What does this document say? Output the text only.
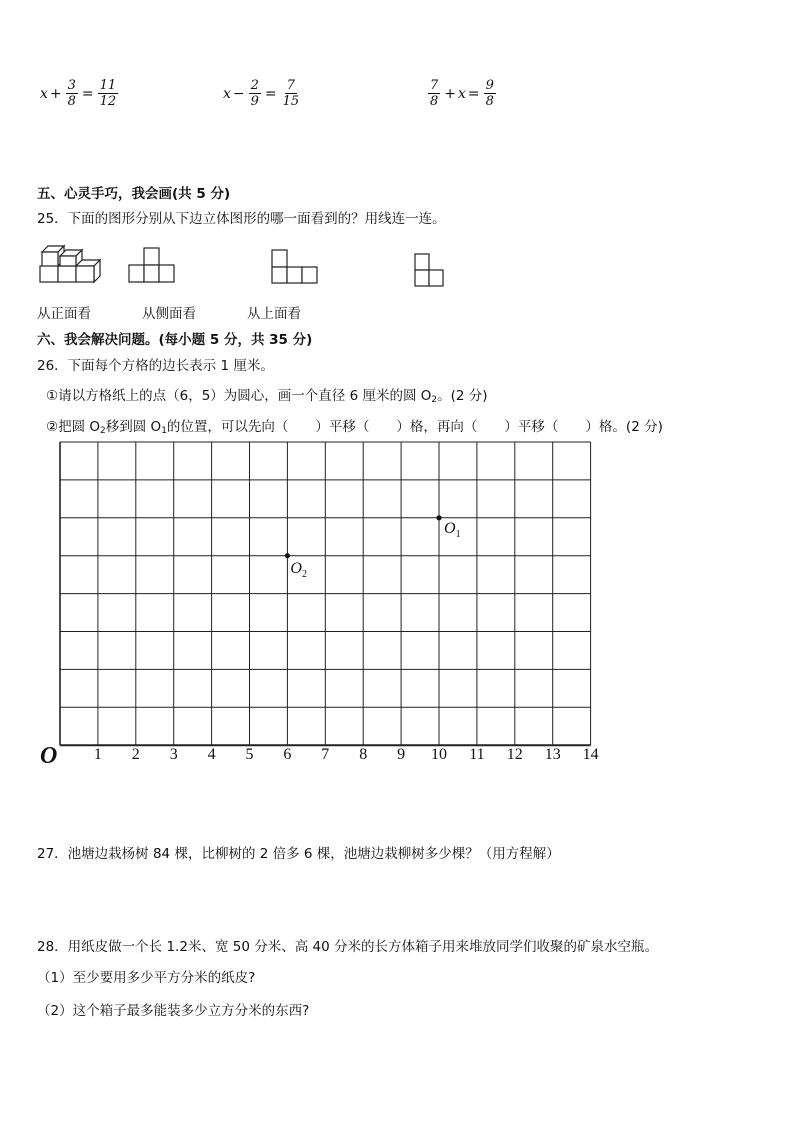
$x + \frac{3}{8} = \frac{11}{12}$	$x - \frac{2}{9} = \frac{7}{15}$	$\frac{7}{8} + x = \frac{9}{8}$
五、心灵手巧，我会画(共 5 分)
25．下面的图形分别从下边立体图形的哪一面看到的？用线连一连。
从正面看	从侧面看	从上面看
六、我会解决问题。(每小题 5 分，共 35 分)
26．下面每个方格的边长表示 1 厘米。
①请以方格纸上的点（6，5）为圆心，画一个直径 6 厘米的圆 $O_2$。(2 分)
②把圆 $O_2$移到圆 $O_1$的位置，可以先向（　　）平移（　　）格，再向（　　）平移（　　）格。(2 分)
O 1 2 3 4 5 6 7 8 9 10 11 12 13 14
$O_1$
$O_2$
27．池塘边栽杨树 84 棵，比柳树的 2 倍多 6 棵，池塘边栽柳树多少棵？（用方程解）
28．用纸皮做一个长 1.2米、宽 50 分米、高 40 分米的长方体箱子用来堆放同学们收聚的矿泉水空瓶。
（1）至少要用多少平方分米的纸皮?
（2）这个箱子最多能装多少立方分米的东西?
